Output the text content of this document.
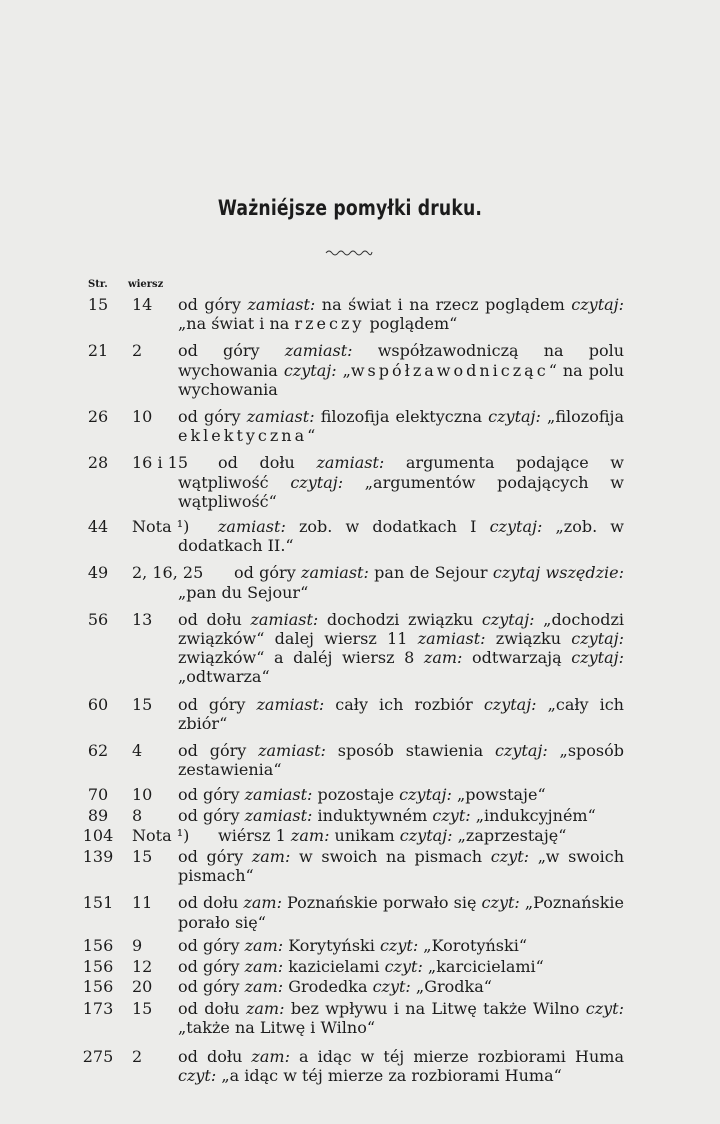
Ważniéjsze pomyłki druku.
Str. wiersz
15	14 od góry zamiast: na świat i na rzecz poglądem czytaj: „na świat i na rzeczy poglądem“
21	2 od góry zamiast: współzawodniczą na polu wychowania czytaj: „współzawodnicząc“ na polu wychowania
26	10 od góry zamiast: filozofija elektyczna czytaj: „filozofija eklektyczna“
28	16 i 15	od dołu zamiast: argumenta podające w wątpliwość czytaj: „argumentów podających w wątpliwość“
44	Nota ¹)	zamiast: zob. w dodatkach I czytaj: „zob. w dodatkach II.“
49	2, 16, 25	od góry zamiast: pan de Sejour czytaj wszędzie: „pan du Sejour“
56	13 od dołu zamiast: dochodzi związku czytaj: „dochodzi związków“ dalej wiersz 11 zamiast: związku czytaj: związków“ a daléj wiersz 8 zam: odtwarzają czytaj: „odtwarza“
60	15 od góry zamiast: cały ich rozbiór czytaj: „cały ich zbiór“
62	4 od góry zamiast: sposób stawienia czytaj: „sposób zestawienia“
70	10 od góry zamiast: pozostaje czytaj: „powstaje“
89	8 od góry zamiast: induktywném czyt: „indukcyjném“
104 Nota ¹)	wiérsz 1 zam: unikam czytaj: „zaprzestaję“
139 15 od góry zam: w swoich na pismach czyt: „w swoich pismach“
151 11 od dołu zam: Poznańskie porwało się czyt: „Poznańskie porało się“
156 9 od góry zam: Korytyński czyt: „Korotyński“
156 12 od góry zam: kazicielami czyt: „karcicielami“
156 20 od góry zam: Grodedka czyt: „Grodka“
173 15 od dołu zam: bez wpływu i na Litwę także Wilno czyt: „także na Litwę i Wilno“
275 2 od dołu zam: a idąc w téj mierze rozbiorami Huma czyt: „a idąc w téj mierze za rozbiorami Huma“
